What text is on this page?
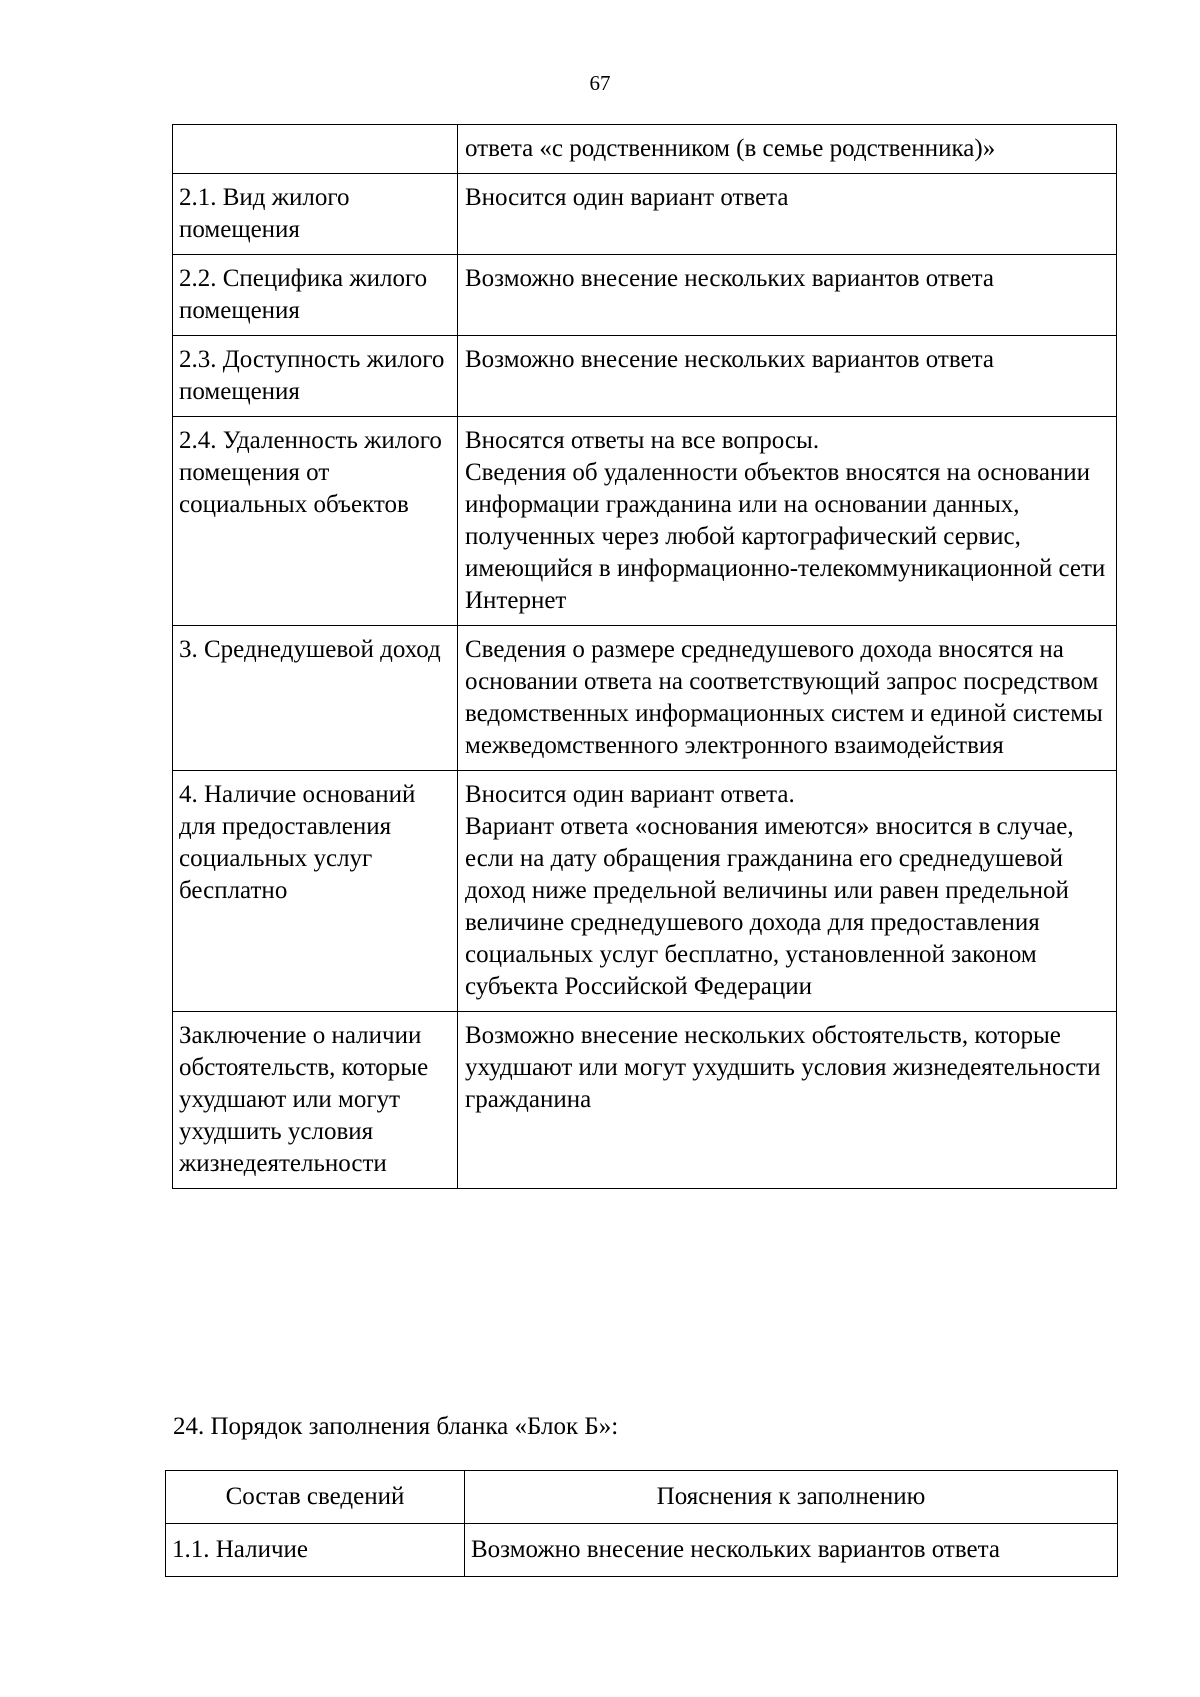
67

	ответа «с родственником (в семье родственника)»

2.1. Вид жилого помещения	Вносится один вариант ответа

2.2. Специфика жилого помещения	Возможно внесение нескольких вариантов ответа

2.3. Доступность жилого помещения	Возможно внесение нескольких вариантов ответа

2.4. Удаленность жилого помещения от социальных объектов	Вносятся ответы на все вопросы.
Сведения об удаленности объектов вносятся на основании информации гражданина или на основании данных, полученных через любой картографический сервис, имеющийся в информационно-телекоммуникационной сети Интернет

3. Среднедушевой доход	Сведения о размере среднедушевого дохода вносятся на основании ответа на соответствующий запрос посредством ведомственных информационных систем и единой системы межведомственного электронного взаимодействия

4. Наличие оснований для предоставления социальных услуг бесплатно	Вносится один вариант ответа.
Вариант ответа «основания имеются» вносится в случае, если на дату обращения гражданина его среднедушевой доход ниже предельной величины или равен предельной величине среднедушевого дохода для предоставления социальных услуг бесплатно, установленной законом субъекта Российской Федерации

Заключение о наличии обстоятельств, которые ухудшают или могут ухудшить условия жизнедеятельности	Возможно внесение нескольких обстоятельств, которые ухудшают или могут ухудшить условия жизнедеятельности гражданина
24. Порядок заполнения бланка «Блок Б»:
Состав сведений	Пояснения к заполнению
1.1. Наличие	Возможно внесение нескольких вариантов ответа
